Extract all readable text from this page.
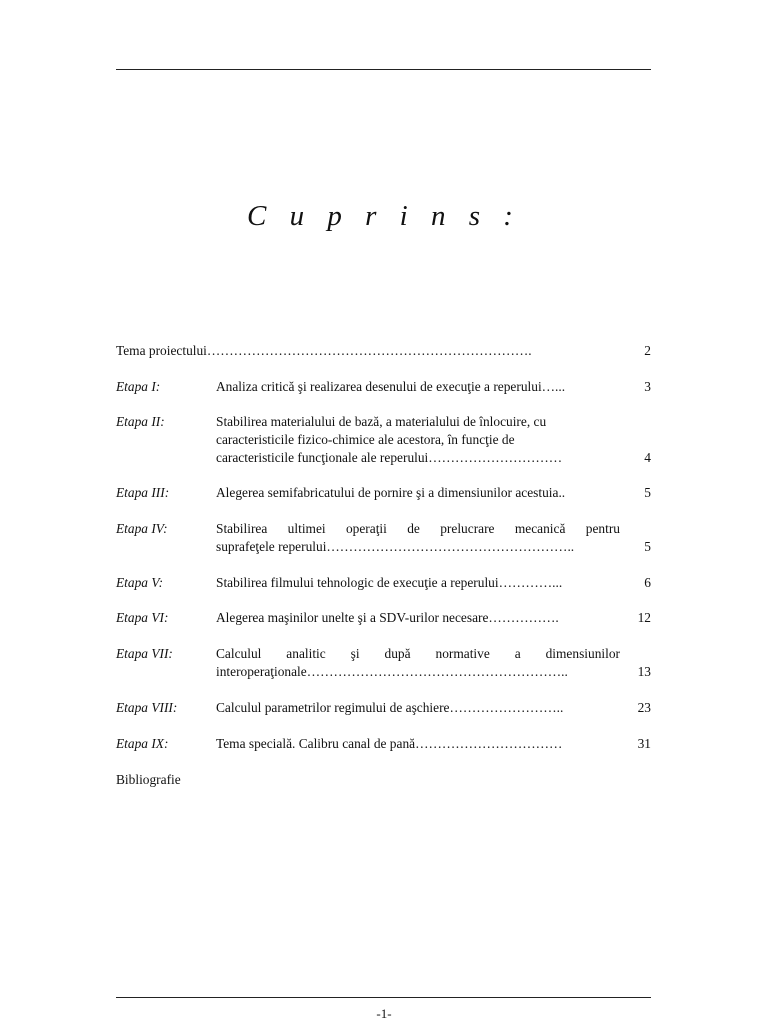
C u p r i n s :
Tema proiectului……………………………………………………………….	2
Etapa I:	Analiza critică şi realizarea desenului de execuţie a reperului…...	3
Etapa II:	Stabilirea materialului de bază, a materialului de înlocuire, cu
caracteristicile fizico-chimice ale acestora, în funcţie de
caracteristicile funcţionale ale reperului…………………………	4
Etapa III:	Alegerea semifabricatului de pornire şi a dimensiunilor acestuia..	5
Etapa IV:	Stabilirea ultimei operaţii de prelucrare mecanică pentru
suprafeţele reperului………………………………………………..	5
Etapa V:	Stabilirea filmului tehnologic de execuţie a reperului…………...	6
Etapa VI:	Alegerea maşinilor unelte şi a SDV-urilor necesare…………….	12
Etapa VII:	Calculul analitic şi după normative a dimensiunilor
interoperaţionale…………………………………………………..	13
Etapa VIII:	Calculul parametrilor regimului de aşchiere……………………..	23
Etapa IX:	Tema specială. Calibru canal de pană……………………………	31
Bibliografie
-1-
